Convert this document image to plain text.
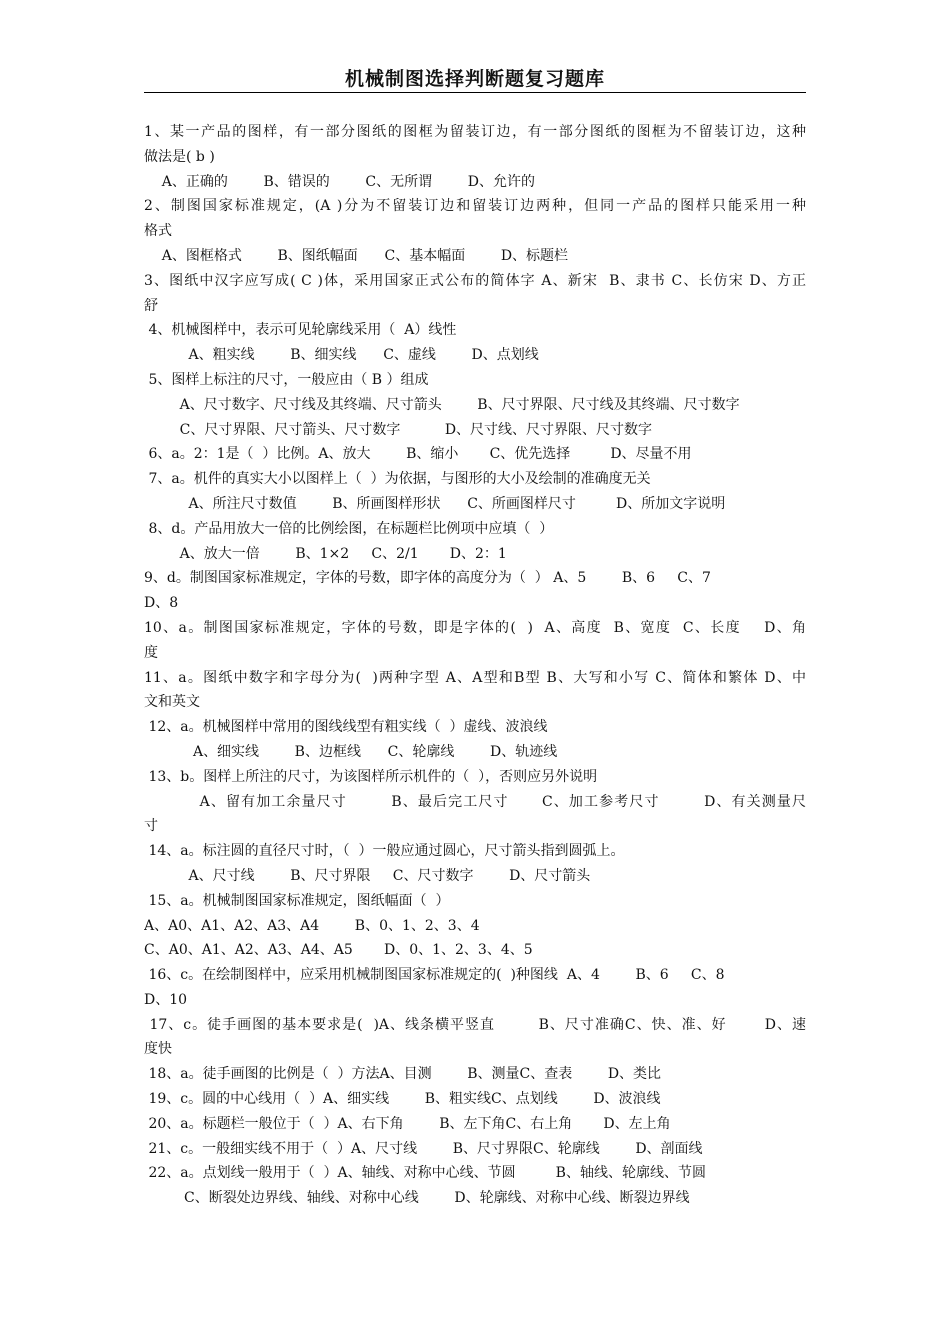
机械制图选择判断题复习题库
1、某一产品的图样，有一部分图纸的图框为留装订边，有一部分图纸的图框为不留装订边，这种
做法是( b )
A、正确的        B、错误的        C、无所谓        D、允许的
2、制图国家标准规定，(A )分为不留装订边和留装订边两种，但同一产品的图样只能采用一种
格式
A、图框格式        B、图纸幅面      C、基本幅面        D、标题栏
3、图纸中汉字应写成( C )体，采用国家正式公布的简体字 A、新宋  B、隶书 C、长仿宋 D、方正
舒
4、机械图样中，表示可见轮廓线采用（  A）线性
A、粗实线        B、细实线      C、虚线        D、点划线
5、图样上标注的尺寸，一般应由（ B ）组成
A、尺寸数字、尺寸线及其终端、尺寸箭头        B、尺寸界限、尺寸线及其终端、尺寸数字
C、尺寸界限、尺寸箭头、尺寸数字          D、尺寸线、尺寸界限、尺寸数字
6、a。2：1是（  ）比例。A、放大        B、缩小       C、优先选择         D、尽量不用
7、a。机件的真实大小以图样上（  ）为依据，与图形的大小及绘制的准确度无关
A、所注尺寸数值        B、所画图样形状      C、所画图样尺寸         D、所加文字说明
8、d。产品用放大一倍的比例绘图，在标题栏比例项中应填（  ）
A、放大一倍        B、1×2     C、2/1       D、2：1
9、d。制图国家标准规定，字体的号数，即字体的高度分为（  ） A、5        B、6     C、7
D、8
10、a。制图国家标准规定，字体的号数，即是字体的(  )  A、高度  B、宽度  C、长度    D、角
度
11、a。图纸中数字和字母分为(  )两种字型 A、A型和B型 B、大写和小写 C、简体和繁体 D、中
文和英文
12、a。机械图样中常用的图线线型有粗实线（  ）虚线、波浪线
A、细实线        B、边框线      C、轮廓线        D、轨迹线
13、b。图样上所注的尺寸，为该图样所示机件的（  ），否则应另外说明
A、留有加工余量尺寸        B、最后完工尺寸      C、加工参考尺寸        D、有关测量尺
寸
14、a。标注圆的直径尺寸时，（  ）一般应通过圆心，尺寸箭头指到圆弧上。
A、尺寸线        B、尺寸界限     C、尺寸数字        D、尺寸箭头
15、a。机械制图国家标准规定，图纸幅面（  ）
A、A0、A1、A2、A3、A4        B、0、1、2、3、4
C、A0、A1、A2、A3、A4、A5       D、0、1、2、3、4、5
16、c。在绘制图样中，应采用机械制图国家标准规定的(  )种图线  A、4        B、6     C、8
D、10
17、c。徒手画图的基本要求是(  )A、线条横平竖直        B、尺寸准确C、快、准、好       D、速
度快
18、a。徒手画图的比例是（  ）方法A、目测        B、测量C、查表        D、类比
19、c。圆的中心线用（  ）A、细实线        B、粗实线C、点划线        D、波浪线
20、a。标题栏一般位于（  ）A、右下角        B、左下角C、右上角       D、左上角
21、c。一般细实线不用于（  ）A、尺寸线        B、尺寸界限C、轮廓线        D、剖面线
22、a。点划线一般用于（  ）A、轴线、对称中心线、节圆         B、轴线、轮廓线、节圆
C、断裂处边界线、轴线、对称中心线        D、轮廓线、对称中心线、断裂边界线
